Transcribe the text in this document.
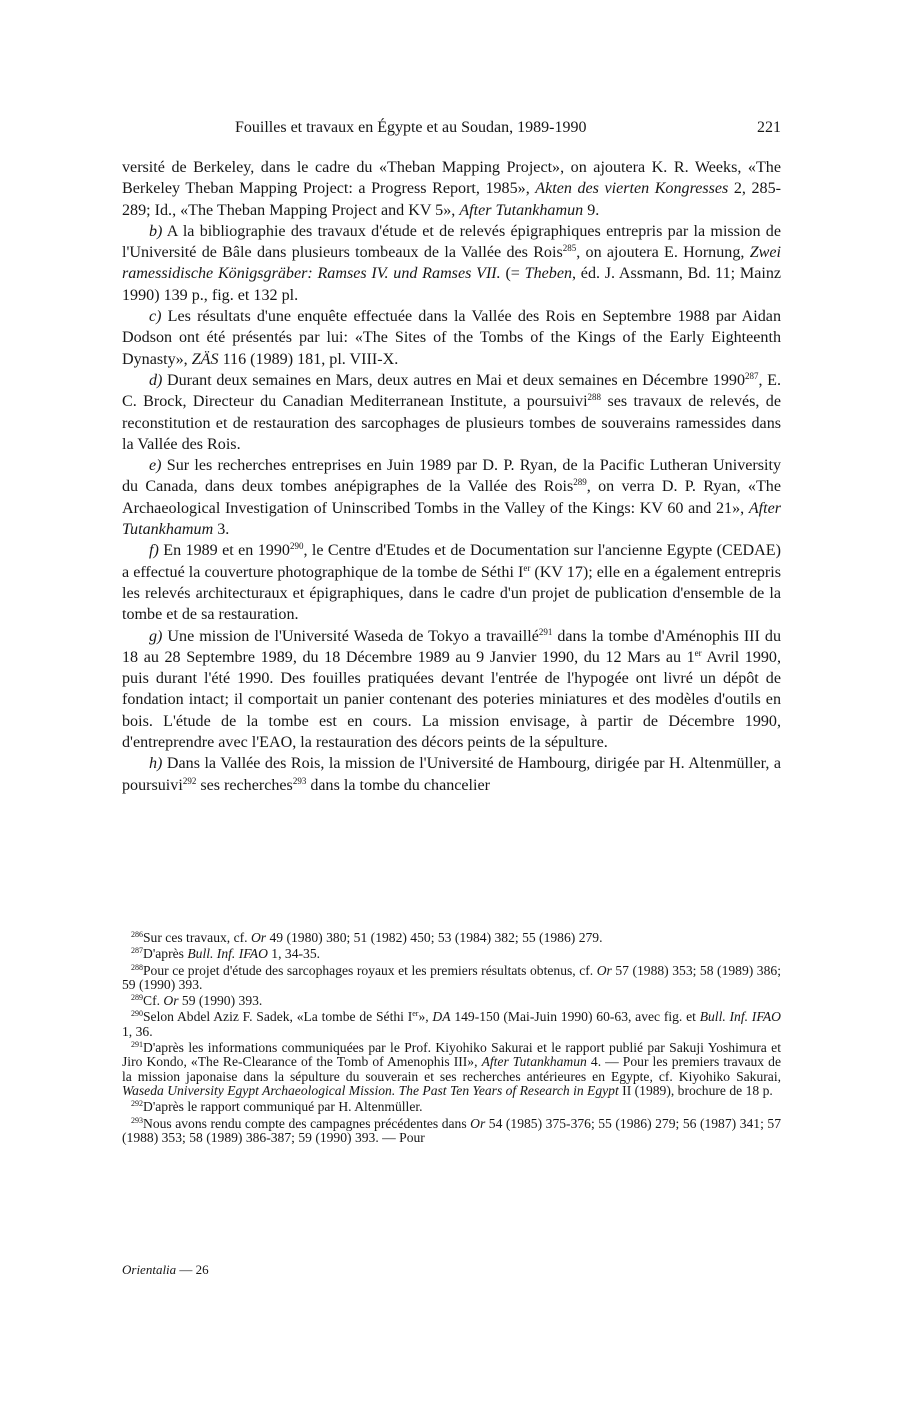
Fouilles et travaux en Égypte et au Soudan, 1989-1990	221

versité de Berkeley, dans le cadre du «Theban Mapping Project», on ajoutera K. R. Weeks, «The Berkeley Theban Mapping Project: a Progress Report, 1985», Akten des vierten Kongresses 2, 285-289; Id., «The Theban Mapping Project and KV 5», After Tutankhamun 9.

b) A la bibliographie des travaux d'étude et de relevés épigraphiques entrepris par la mission de l'Université de Bâle dans plusieurs tombeaux de la Vallée des Rois$^{285}$, on ajoutera E. Hornung, Zwei ramessidische Königsgräber: Ramses IV. und Ramses VII. (= Theben, éd. J. Assmann, Bd. 11; Mainz 1990) 139 p., fig. et 132 pl.

c) Les résultats d'une enquête effectuée dans la Vallée des Rois en Septembre 1988 par Aidan Dodson ont été présentés par lui: «The Sites of the Tombs of the Kings of the Early Eighteenth Dynasty», ZÄS 116 (1989) 181, pl. VIII-X.

d) Durant deux semaines en Mars, deux autres en Mai et deux semaines en Décembre 1990$^{287}$, E. C. Brock, Directeur du Canadian Mediterranean Institute, a poursuivi$^{288}$ ses travaux de relevés, de reconstitution et de restauration des sarcophages de plusieurs tombes de souverains ramessides dans la Vallée des Rois.

e) Sur les recherches entreprises en Juin 1989 par D. P. Ryan, de la Pacific Lutheran University du Canada, dans deux tombes anépigraphes de la Vallée des Rois$^{289}$, on verra D. P. Ryan, «The Archaeological Investigation of Uninscribed Tombs in the Valley of the Kings: KV 60 and 21», After Tutankhamum 3.

f) En 1989 et en 1990$^{290}$, le Centre d'Etudes et de Documentation sur l'ancienne Egypte (CEDAE) a effectué la couverture photographique de la tombe de Séthi Ier (KV 17); elle en a également entrepris les relevés architecturaux et épigraphiques, dans le cadre d'un projet de publication d'ensemble de la tombe et de sa restauration.

g) Une mission de l'Université Waseda de Tokyo a travaillé$^{291}$ dans la tombe d'Aménophis III du 18 au 28 Septembre 1989, du 18 Décembre 1989 au 9 Janvier 1990, du 12 Mars au 1er Avril 1990, puis durant l'été 1990. Des fouilles pratiquées devant l'entrée de l'hypogée ont livré un dépôt de fondation intact; il comportait un panier contenant des poteries miniatures et des modèles d'outils en bois. L'étude de la tombe est en cours. La mission envisage, à partir de Décembre 1990, d'entreprendre avec l'EAO, la restauration des décors peints de la sépulture.

h) Dans la Vallée des Rois, la mission de l'Université de Hambourg, dirigée par H. Altenmüller, a poursuivi$^{292}$ ses recherches$^{293}$ dans la tombe du chancelier

$^{286}$Sur ces travaux, cf. Or 49 (1980) 380; 51 (1982) 450; 53 (1984) 382; 55 (1986) 279.

$^{287}$D'après Bull. Inf. IFAO 1, 34-35.

$^{288}$Pour ce projet d'étude des sarcophages royaux et les premiers résultats obtenus, cf. Or 57 (1988) 353; 58 (1989) 386; 59 (1990) 393.

$^{289}$Cf. Or 59 (1990) 393.

$^{290}$Selon Abdel Aziz F. Sadek, «La tombe de Séthi Ier», DA 149-150 (Mai-Juin 1990) 60-63, avec fig. et Bull. Inf. IFAO 1, 36.

$^{291}$D'après les informations communiquées par le Prof. Kiyohiko Sakurai et le rapport publié par Sakuji Yoshimura et Jiro Kondo, «The Re-Clearance of the Tomb of Amenophis III», After Tutankhamun 4. — Pour les premiers travaux de la mission japonaise dans la sépulture du souverain et ses recherches antérieures en Egypte, cf. Kiyohiko Sakurai, Waseda University Egypt Archaeological Mission. The Past Ten Years of Research in Egypt II (1989), brochure de 18 p.

$^{292}$D'après le rapport communiqué par H. Altenmüller.

$^{293}$Nous avons rendu compte des campagnes précédentes dans Or 54 (1985) 375-376; 55 (1986) 279; 56 (1987) 341; 57 (1988) 353; 58 (1989) 386-387; 59 (1990) 393. — Pour

Orientalia — 26
